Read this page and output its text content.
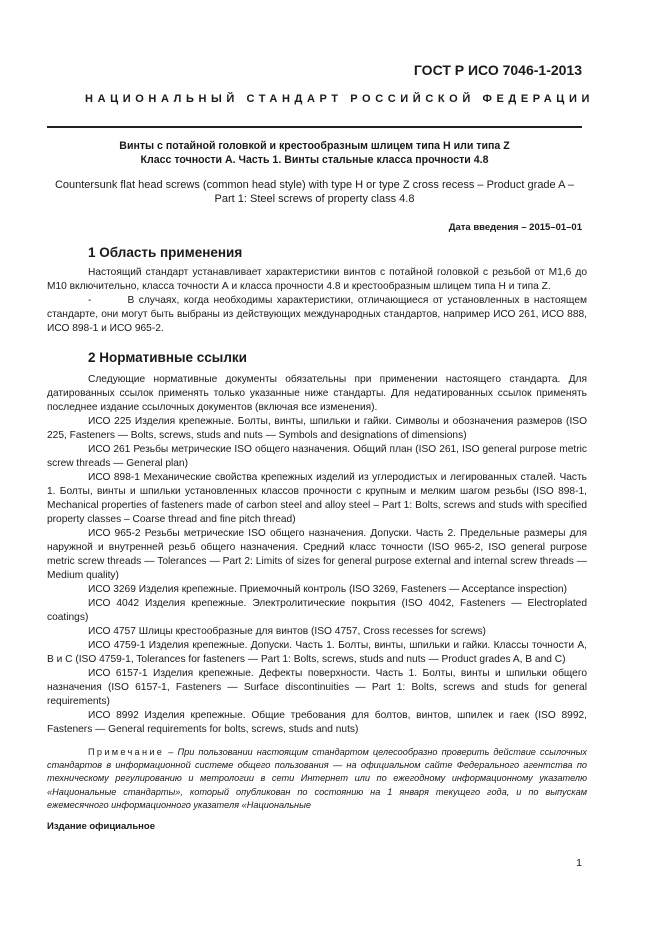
ГОСТ Р ИСО 7046-1-2013
НАЦИОНАЛЬНЫЙ СТАНДАРТ РОССИЙСКОЙ ФЕДЕРАЦИИ
Винты с потайной головкой и крестообразным шлицем типа H или типа Z
Класс точности А. Часть 1. Винты стальные класса прочности 4.8
Countersunk flat head screws (common head style) with type H or type Z cross recess – Product grade A – Part 1: Steel screws of property class 4.8
Дата введения – 2015–01–01
1 Область применения

Настоящий стандарт устанавливает характеристики винтов с потайной головкой с резьбой от М1,6 до М10 включительно, класса точности А и класса прочности 4.8 и крестообразным шлицем типа H и типа Z.

-        В случаях, когда необходимы характеристики, отличающиеся от установленных в настоящем стандарте, они могут быть выбраны из действующих международных стандартов, например ИСО 261, ИСО 888, ИСО 898-1 и ИСО 965-2.

2 Нормативные ссылки

Следующие нормативные документы обязательны при применении настоящего стандарта. Для датированных ссылок применять только указанные ниже стандарты. Для недатированных ссылок применять последнее издание ссылочных документов (включая все изменения).

ИСО 225 Изделия крепежные. Болты, винты, шпильки и гайки. Символы и обозначения размеров (ISO 225, Fasteners — Bolts, screws, studs and nuts — Symbols and designations of dimensions)

ИСО 261 Резьбы метрические ISO общего назначения. Общий план (ISO 261, ISO general purpose metric screw threads — General plan)

ИСО 898-1 Механические свойства крепежных изделий из углеродистых и легированных сталей. Часть 1. Болты, винты и шпильки установленных классов прочности с крупным и мелким шагом резьбы (ISO 898-1, Mechanical properties of fasteners made of carbon steel and alloy steel – Part 1: Bolts, screws and studs with specified property classes – Coarse thread and fine pitch thread)

ИСО 965-2 Резьбы метрические ISO общего назначения. Допуски. Часть 2. Предельные размеры для наружной и внутренней резьб общего назначения. Средний класс точности (ISO 965-2, ISO general purpose metric screw threads — Tolerances — Part 2: Limits of sizes for general purpose external and internal screw threads — Medium quality)

ИСО 3269 Изделия крепежные. Приемочный контроль (ISO 3269, Fasteners — Acceptance inspection)

ИСО 4042 Изделия крепежные. Электролитические покрытия (ISO 4042, Fasteners — Electroplated coatings)

ИСО 4757 Шлицы крестообразные для винтов (ISO 4757, Cross recesses for screws)

ИСО 4759-1 Изделия крепежные. Допуски. Часть 1. Болты, винты, шпильки и гайки. Классы точности A, B и C (ISO 4759-1, Tolerances for fasteners — Part 1: Bolts, screws, studs and nuts — Product grades A, B and C)

ИСО 6157-1 Изделия крепежные. Дефекты поверхности. Часть 1. Болты, винты и шпильки общего назначения (ISO 6157-1, Fasteners — Surface discontinuities — Part 1: Bolts, screws and studs for general requirements)

ИСО 8992 Изделия крепежные. Общие требования для болтов, винтов, шпилек и гаек (ISO 8992, Fasteners — General requirements for bolts, screws, studs and nuts)

Примечание – При пользовании настоящим стандартом целесообразно проверить действие ссылочных стандартов в информационной системе общего пользования — на официальном сайте Федерального агентства по техническому регулированию и метрологии в сети Интернет или по ежегодному информационному указателю «Национальные стандарты», который опубликован по состоянию на 1 января текущего года, и по выпускам ежемесячного информационного указателя «Национальные
Издание официальное
1
